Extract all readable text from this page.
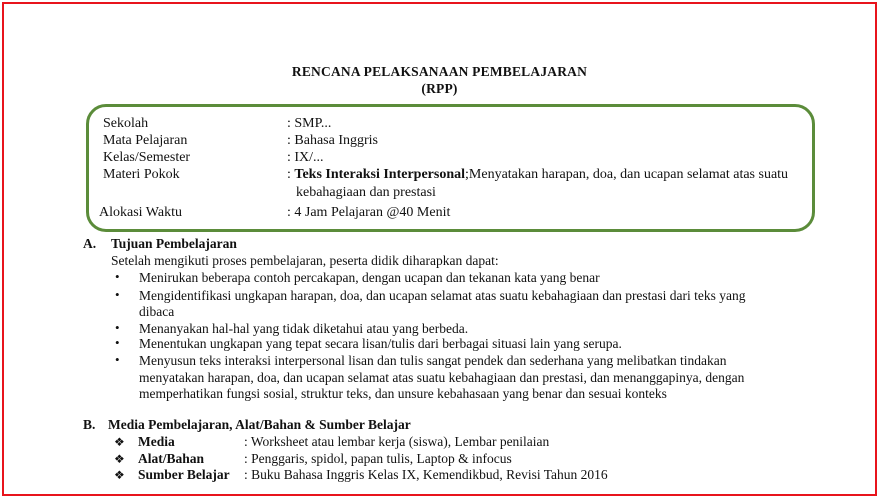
RENCANA PELAKSANAAN PEMBELAJARAN
(RPP)
Sekolah	: SMP...
Mata Pelajaran	: Bahasa Inggris
Kelas/Semester	: IX/...
Materi Pokok	: Teks Interaksi Interpersonal;Menyatakan harapan, doa, dan ucapan selamat atas suatu
kebahagiaan dan prestasi
Alokasi Waktu	: 4 Jam Pelajaran @40 Menit
A. Tujuan Pembelajaran
Setelah mengikuti proses pembelajaran, peserta didik diharapkan dapat:
• Menirukan beberapa contoh percakapan, dengan ucapan dan tekanan kata yang benar
• Mengidentifikasi ungkapan harapan, doa, dan ucapan selamat atas suatu kebahagiaan dan prestasi dari teks yang
dibaca
• Menanyakan hal-hal yang tidak diketahui atau yang berbeda.
• Menentukan ungkapan yang tepat secara lisan/tulis dari berbagai situasi lain yang serupa.
• Menyusun teks interaksi interpersonal lisan dan tulis sangat pendek dan sederhana yang melibatkan tindakan
menyatakan harapan, doa, dan ucapan selamat atas suatu kebahagiaan dan prestasi, dan menanggapinya, dengan
memperhatikan fungsi sosial, struktur teks, dan unsure kebahasaan yang benar dan sesuai konteks
B. Media Pembelajaran, Alat/Bahan & Sumber Belajar
❖ Media	: Worksheet atau lembar kerja (siswa), Lembar penilaian
❖ Alat/Bahan	: Penggaris, spidol, papan tulis, Laptop & infocus
❖ Sumber Belajar : Buku Bahasa Inggris Kelas IX, Kemendikbud, Revisi Tahun 2016
